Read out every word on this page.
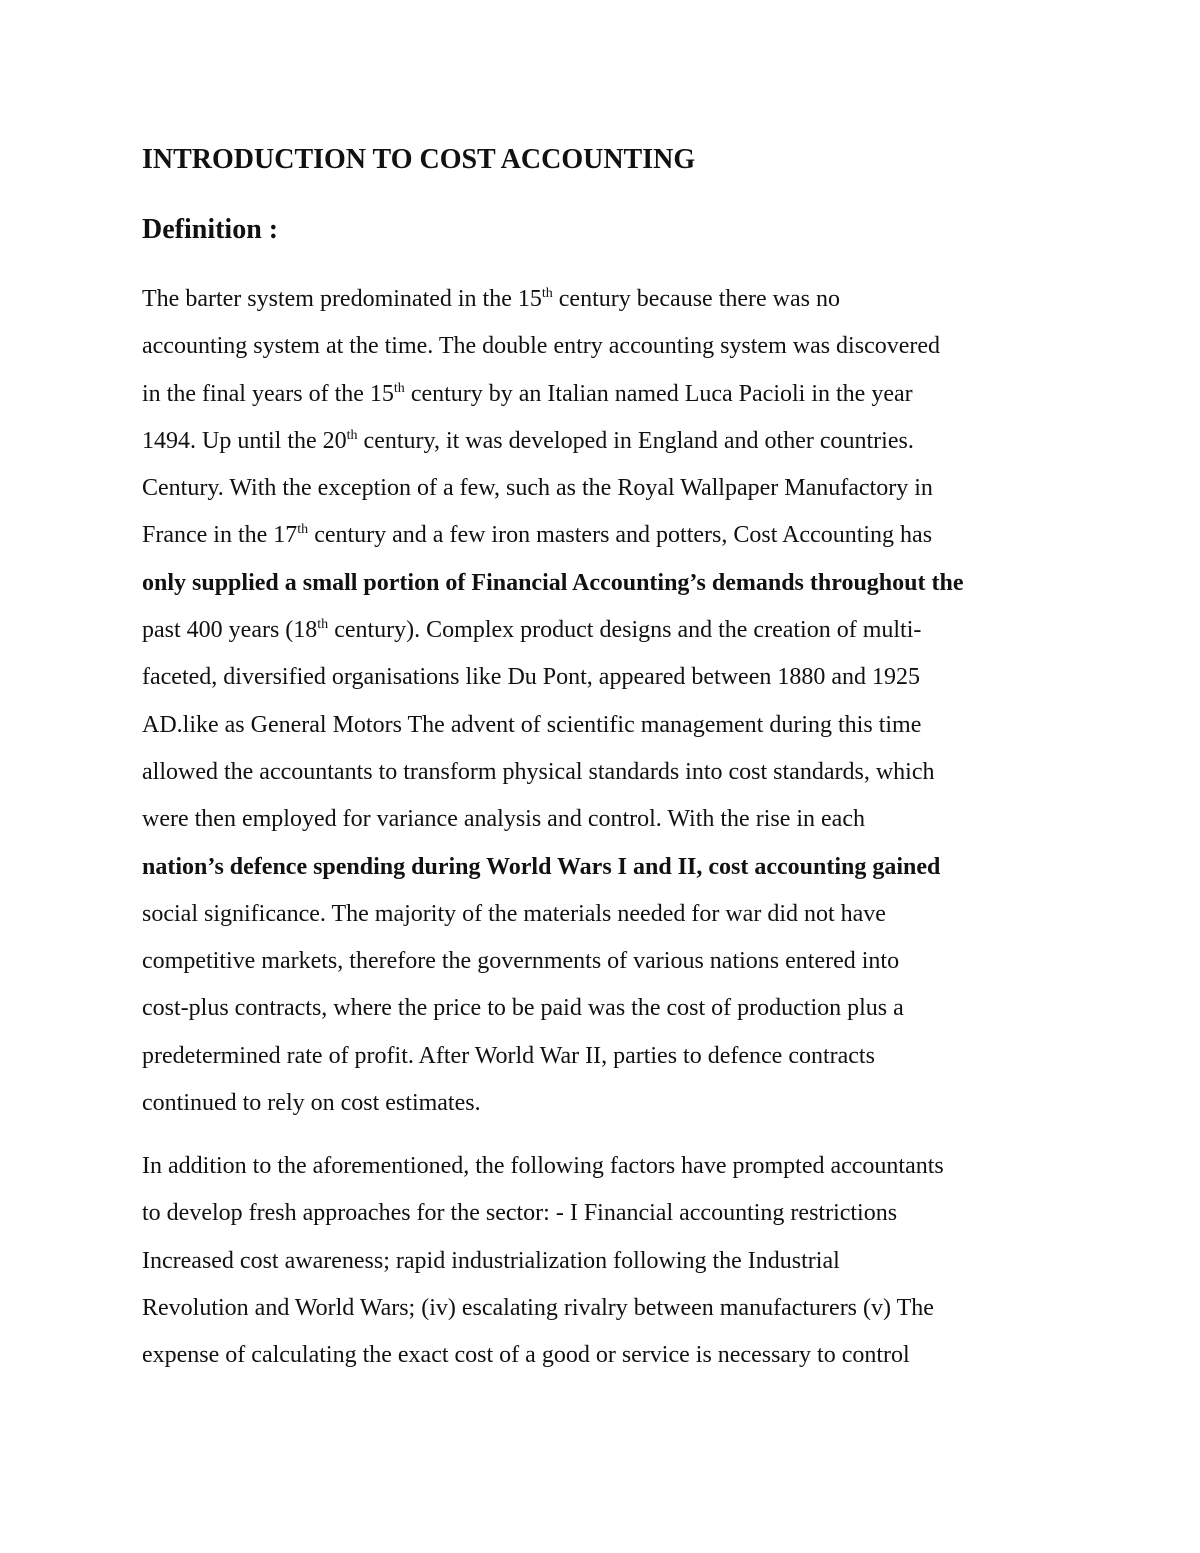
INTRODUCTION TO COST ACCOUNTING
Definition :
The barter system predominated in the 15th century because there was no
accounting system at the time. The double entry accounting system was discovered
in the final years of the 15th century by an Italian named Luca Pacioli in the year
1494. Up until the 20th century, it was developed in England and other countries.
Century. With the exception of a few, such as the Royal Wallpaper Manufactory in
France in the 17th century and a few iron masters and potters, Cost Accounting has
only supplied a small portion of Financial Accounting’s demands throughout the
past 400 years (18th century). Complex product designs and the creation of multi-
faceted, diversified organisations like Du Pont, appeared between 1880 and 1925
AD.like as General Motors The advent of scientific management during this time
allowed the accountants to transform physical standards into cost standards, which
were then employed for variance analysis and control. With the rise in each
nation’s defence spending during World Wars I and II, cost accounting gained
social significance. The majority of the materials needed for war did not have
competitive markets, therefore the governments of various nations entered into
cost-plus contracts, where the price to be paid was the cost of production plus a
predetermined rate of profit. After World War II, parties to defence contracts
continued to rely on cost estimates.
In addition to the aforementioned, the following factors have prompted accountants
to develop fresh approaches for the sector: - I Financial accounting restrictions
Increased cost awareness; rapid industrialization following the Industrial
Revolution and World Wars; (iv) escalating rivalry between manufacturers (v) The
expense of calculating the exact cost of a good or service is necessary to control
